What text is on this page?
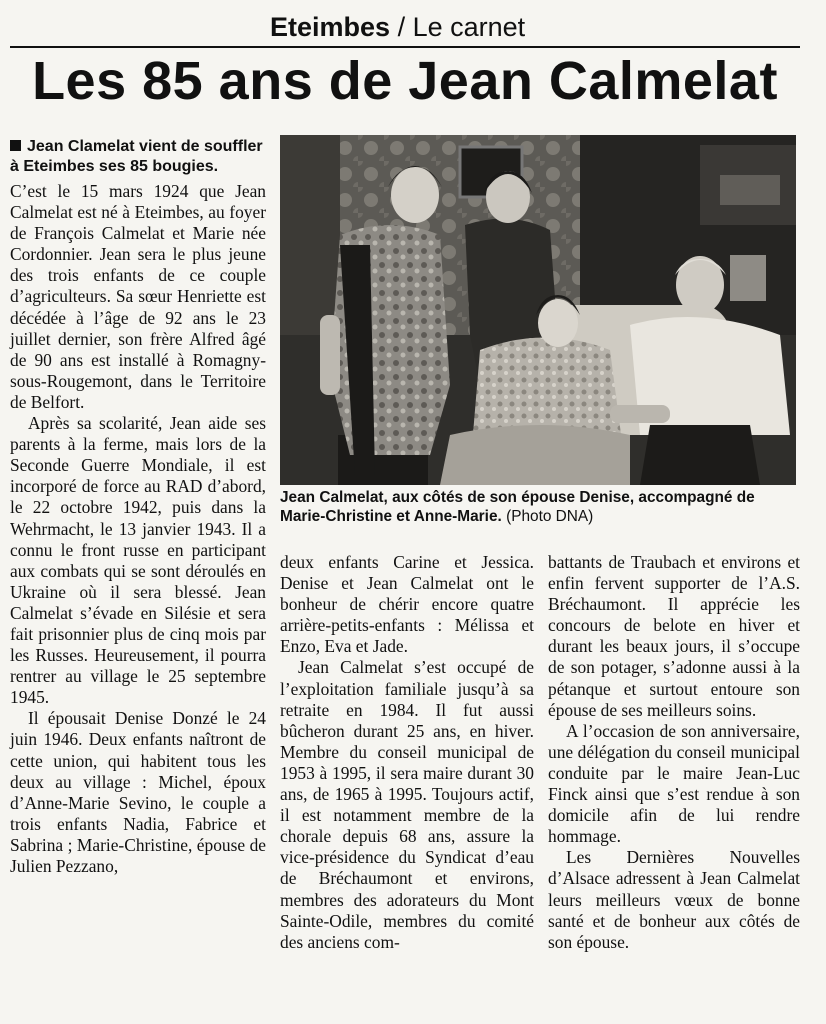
Eteimbes / Le carnet
Les 85 ans de Jean Calmelat
Jean Clamelat vient de souffler à Eteimbes ses 85 bougies.

C’est le 15 mars 1924 que Jean Calmelat est né à Eteimbes, au foyer de François Calmelat et Marie née Cordonnier. Jean sera le plus jeune des trois enfants de ce couple d’agriculteurs. Sa sœur Henriette est décédée à l’âge de 92 ans le 23 juillet dernier, son frère Alfred âgé de 90 ans est installé à Romagny-sous-Rougemont, dans le Territoire de Belfort.

Après sa scolarité, Jean aide ses parents à la ferme, mais lors de la Seconde Guerre Mondiale, il est incorporé de force au RAD d’abord, le 22 octobre 1942, puis dans la Wehrmacht, le 13 janvier 1943. Il a connu le front russe en participant aux combats qui se sont déroulés en Ukraine où il sera blessé. Jean Calmelat s’évade en Silésie et sera fait prisonnier plus de cinq mois par les Russes. Heureusement, il pourra rentrer au village le 25 septembre 1945.

Il épousait Denise Donzé le 24 juin 1946. Deux enfants naîtront de cette union, qui habitent tous les deux au village : Michel, époux d’Anne-Marie Sevino, le couple a trois enfants Nadia, Fabrice et Sabrina ; Marie-Christine, épouse de Julien Pezzano,

Jean Calmelat, aux côtés de son épouse Denise, accompagné de Marie-Christine et Anne-Marie. (Photo DNA)

deux enfants Carine et Jessica. Denise et Jean Calmelat ont le bonheur de chérir encore quatre arrière-petits-enfants : Mélissa et Enzo, Eva et Jade.

Jean Calmelat s’est occupé de l’exploitation familiale jusqu’à sa retraite en 1984. Il fut aussi bûcheron durant 25 ans, en hiver. Membre du conseil municipal de 1953 à 1995, il sera maire durant 30 ans, de 1965 à 1995. Toujours actif, il est notamment membre de la chorale depuis 68 ans, assure la vice-présidence du Syndicat d’eau de Bréchaumont et environs, membres des adorateurs du Mont Sainte-Odile, membres du comité des anciens com-

battants de Traubach et environs et enfin fervent supporter de l’A.S. Bréchaumont. Il apprécie les concours de belote en hiver et durant les beaux jours, il s’occupe de son potager, s’adonne aussi à la pétanque et surtout entoure son épouse de ses meilleurs soins.

A l’occasion de son anniversaire, une délégation du conseil municipal conduite par le maire Jean-Luc Finck ainsi que s’est rendue à son domicile afin de lui rendre hommage.

Les Dernières Nouvelles d’Alsace adressent à Jean Calmelat leurs meilleurs vœux de bonne santé et de bonheur aux côtés de son épouse.
